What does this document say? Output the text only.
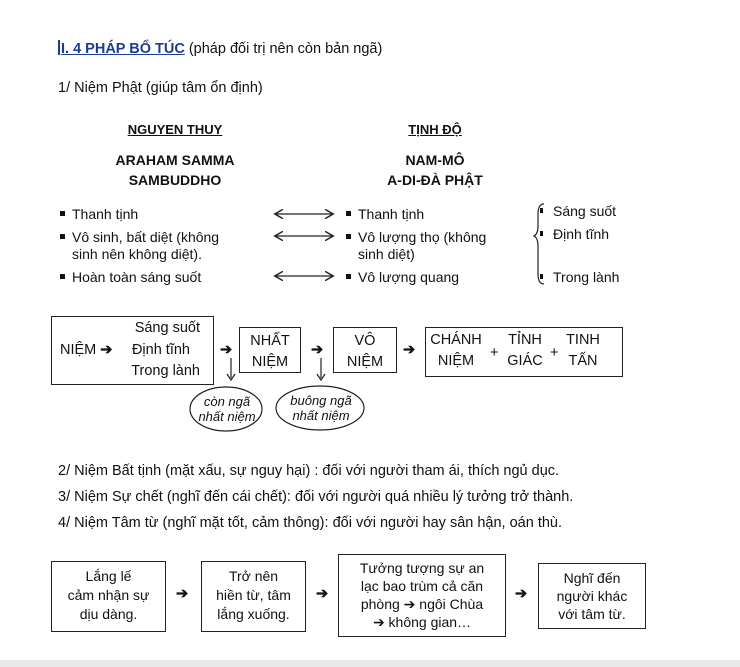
I. 4 PHÁP BỔ TÚC (pháp đối trị nên còn bản ngã)
1/ Niệm Phật (giúp tâm ổn định)
NGUYEN THUY	TỊNH ĐỘ
ARAHAM SAMMA
SAMBUDDHO
NAM-MÔ
A-DI-ĐÀ PHẬT
Thanh tịnh
Vô sinh, bất diệt (không
sinh nên không diệt).
Hoàn toàn sáng suốt
Thanh tịnh
Vô lượng thọ (không
sinh diệt)
Vô lượng quang
Sáng suốt
Định tĩnh
Trong lành
NIỆM ➔
Sáng suốt
Định tĩnh
Trong lành
➔
NHẤT
NIỆM
➔
VÔ
NIỆM
➔
CHÁNH
NIỆM	+
TỈNH
GIÁC +
TINH
TẤN
còn ngã
nhất niệm
buông ngã
nhất niệm
2/ Niệm Bất tịnh (mặt xấu, sự nguy hại) : đối với người tham ái, thích ngủ dục.
3/ Niệm Sự chết (nghĩ đến cái chết): đối với người quá nhiều lý tưởng trở thành.
4/ Niệm Tâm từ (nghĩ mặt tốt, cảm thông): đối với người hay sân hận, oán thù.
Lắng lế
cảm nhận sự
dịu dàng.
➔
Trở nên
hiền từ, tâm
lắng xuống.
➔
Tưởng tượng sự an
lạc bao trùm cả căn
phòng ➔ ngôi Chùa
➔ không gian…
➔
Nghĩ đến
người khác
với tâm từ.
